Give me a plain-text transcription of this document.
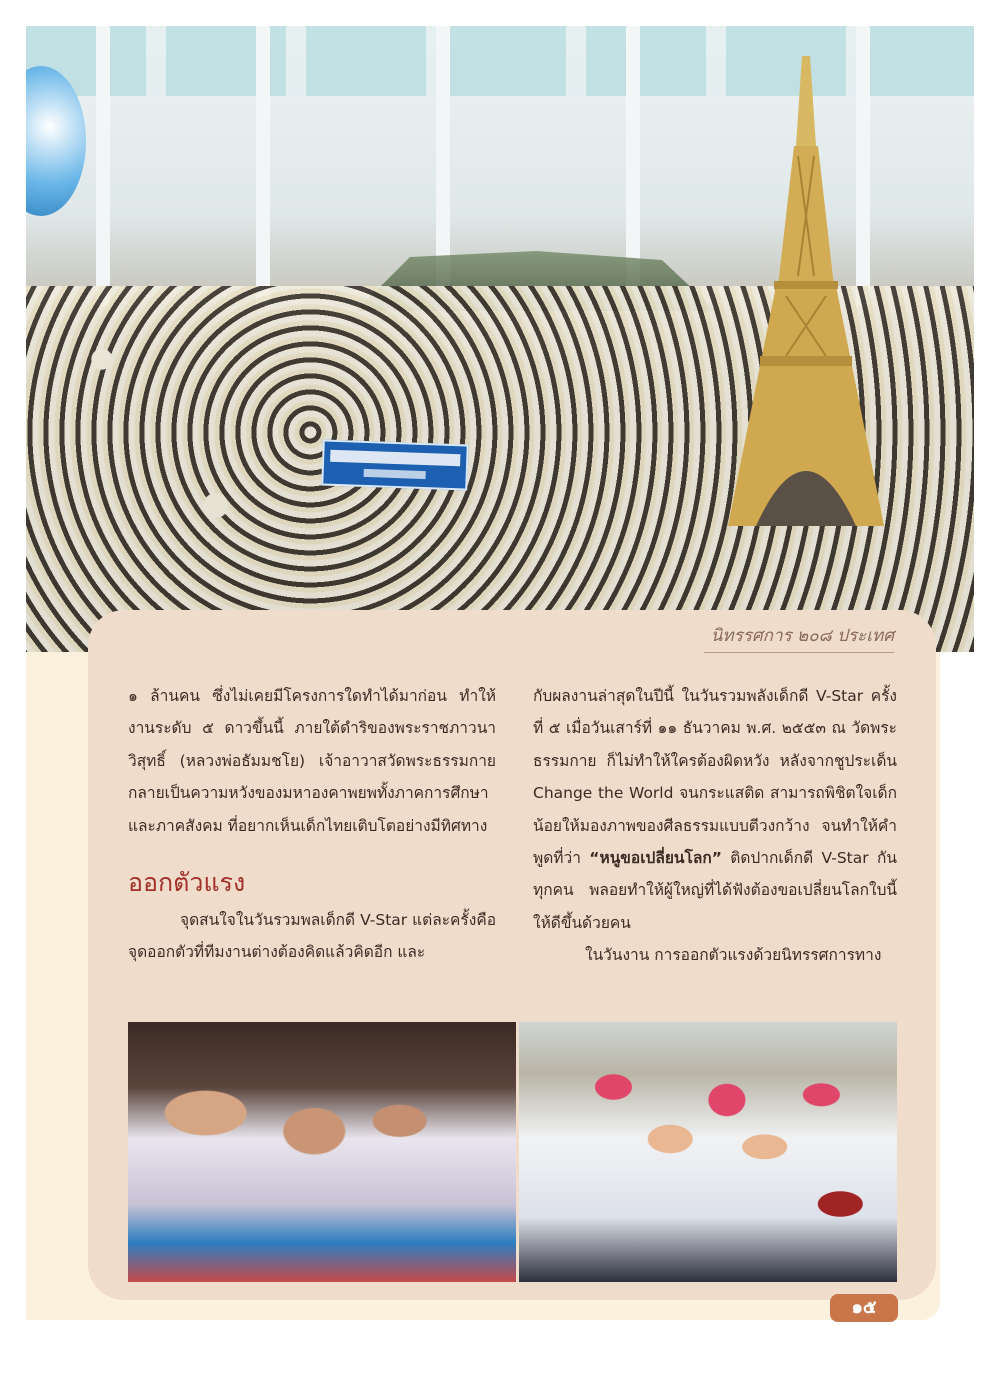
นิทรรศการ ๒๐๘ ประเทศ

๑ ล้านคน ซึ่งไม่เคยมีโครงการใดทำได้มาก่อน ทำให้งานระดับ ๕ ดาวขึ้นนี้ ภายใต้ดำริของพระราชภาวนาวิสุทธิ์ (หลวงพ่อธัมมชโย) เจ้าอาวาสวัดพระธรรมกาย กลายเป็นความหวังของมหาองคาพยพทั้งภาคการศึกษาและภาคสังคม ที่อยากเห็นเด็กไทยเติบโตอย่างมีทิศทาง

ออกตัวแรง

จุดสนใจในวันรวมพลเด็กดี V-Star แต่ละครั้งคือ จุดออกตัวที่ทีมงานต่างต้องคิดแล้วคิดอีก และ

กับผลงานล่าสุดในปีนี้ ในวันรวมพลังเด็กดี V-Star ครั้งที่ ๕ เมื่อวันเสาร์ที่ ๑๑ ธันวาคม พ.ศ. ๒๕๕๓ ณ วัดพระธรรมกาย ก็ไม่ทำให้ใครต้องผิดหวัง หลังจากชูประเด็น Change the World จนกระแสติด สามารถพิชิตใจเด็กน้อยให้มองภาพของศีลธรรมแบบตีวงกว้าง จนทำให้คำพูดที่ว่า “หนูขอเปลี่ยนโลก” ติดปากเด็กดี V-Star กันทุกคน พลอยทำให้ผู้ใหญ่ที่ได้ฟังต้องขอเปลี่ยนโลกใบนี้ให้ดีขึ้นด้วยคน

ในวันงาน การออกตัวแรงด้วยนิทรรศการทาง

๑๕
